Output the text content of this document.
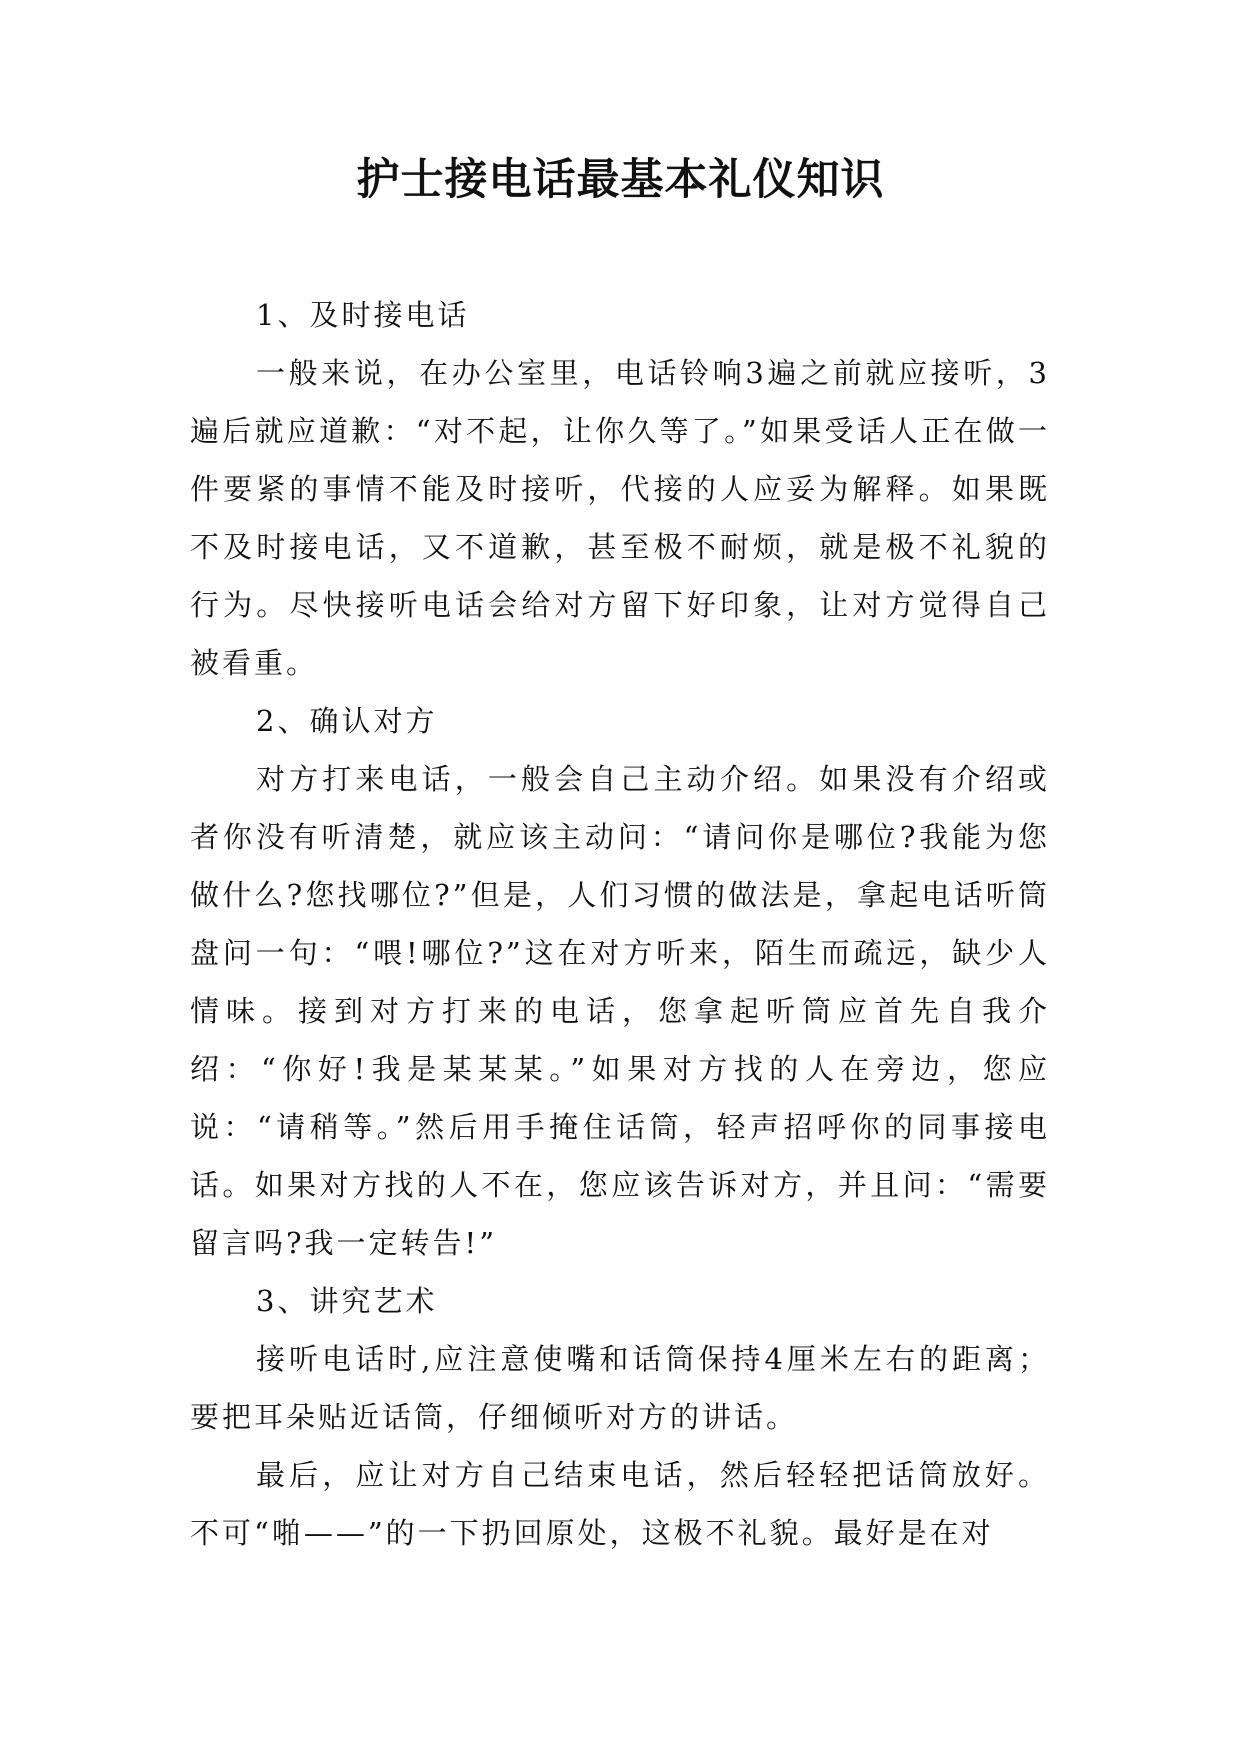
护士接电话最基本礼仪知识

1、及时接电话

一般来说，在办公室里，电话铃响3遍之前就应接听，3遍后就应道歉：“对不起，让你久等了。”如果受话人正在做一件要紧的事情不能及时接听，代接的人应妥为解释。如果既不及时接电话，又不道歉，甚至极不耐烦，就是极不礼貌的行为。尽快接听电话会给对方留下好印象，让对方觉得自己被看重。

2、确认对方

对方打来电话，一般会自己主动介绍。如果没有介绍或者你没有听清楚，就应该主动问：“请问你是哪位?我能为您做什么?您找哪位?”但是，人们习惯的做法是，拿起电话听筒盘问一句：“喂!哪位?”这在对方听来，陌生而疏远，缺少人情味。接到对方打来的电话，您拿起听筒应首先自我介绍：“你好!我是某某某。”如果对方找的人在旁边，您应说：“请稍等。”然后用手掩住话筒，轻声招呼你的同事接电话。如果对方找的人不在，您应该告诉对方，并且问：“需要留言吗?我一定转告!”

3、讲究艺术

接听电话时,应注意使嘴和话筒保持4厘米左右的距离；要把耳朵贴近话筒，仔细倾听对方的讲话。

最后，应让对方自己结束电话，然后轻轻把话筒放好。不可“啪——”的一下扔回原处，这极不礼貌。最好是在对
